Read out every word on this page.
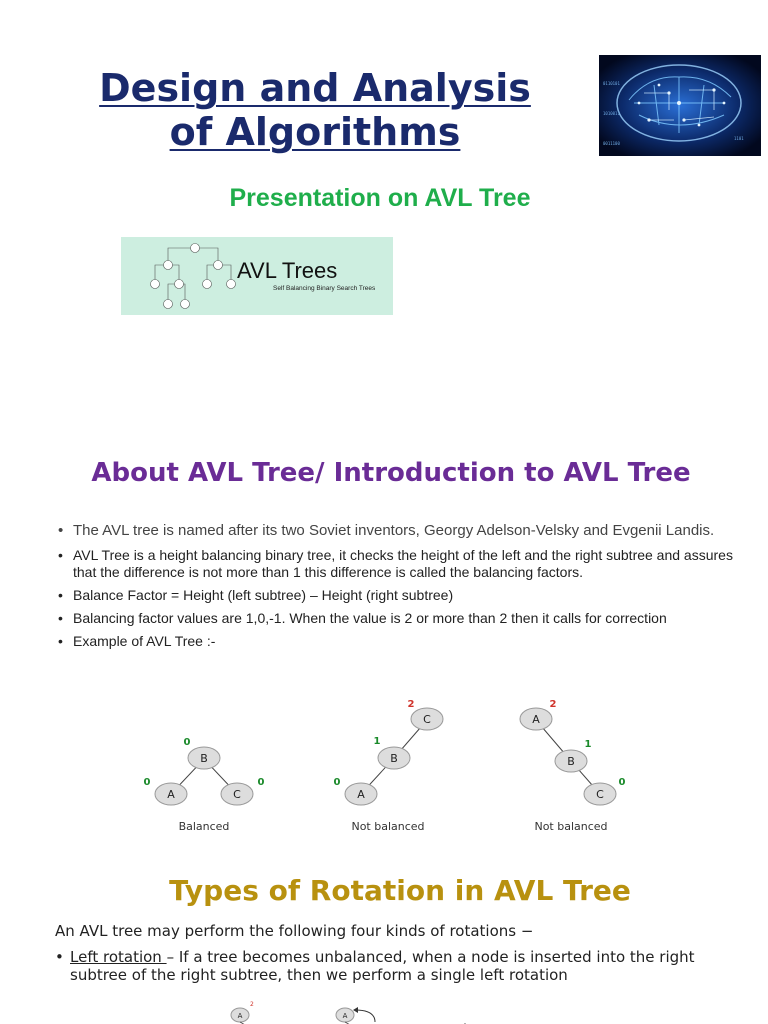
Design and Analysis
of Algorithms
0110101
1010011
0011100
1101
Presentation on AVL Tree
AVL Trees
Self Balancing Binary Search Trees
About AVL Tree/ Introduction to AVL Tree
• The AVL tree is named after its two Soviet inventors, Georgy Adelson-Velsky and Evgenii Landis.
• AVL Tree is a height balancing binary tree, it checks the height of the left and the right subtree and assures that the difference is not more than 1 this difference is called the balancing factors.
• Balance Factor = Height (left subtree) – Height (right subtree)
• Balancing factor values are 1,0,-1. When the value is 2 or more than 2 then it calls for correction
• Example of AVL Tree :-
B
A	C
0
0	0
Balanced
C
B
A
2
1
0
Not balanced
A
B
C
2
1
0
Not balanced
Types of Rotation in AVL Tree
An AVL tree may perform the following four kinds of rotations −
• Left rotation – If a tree becomes unbalanced, when a node is inserted into the right subtree of the right subtree, then we perform a single left rotation
A
2
A
